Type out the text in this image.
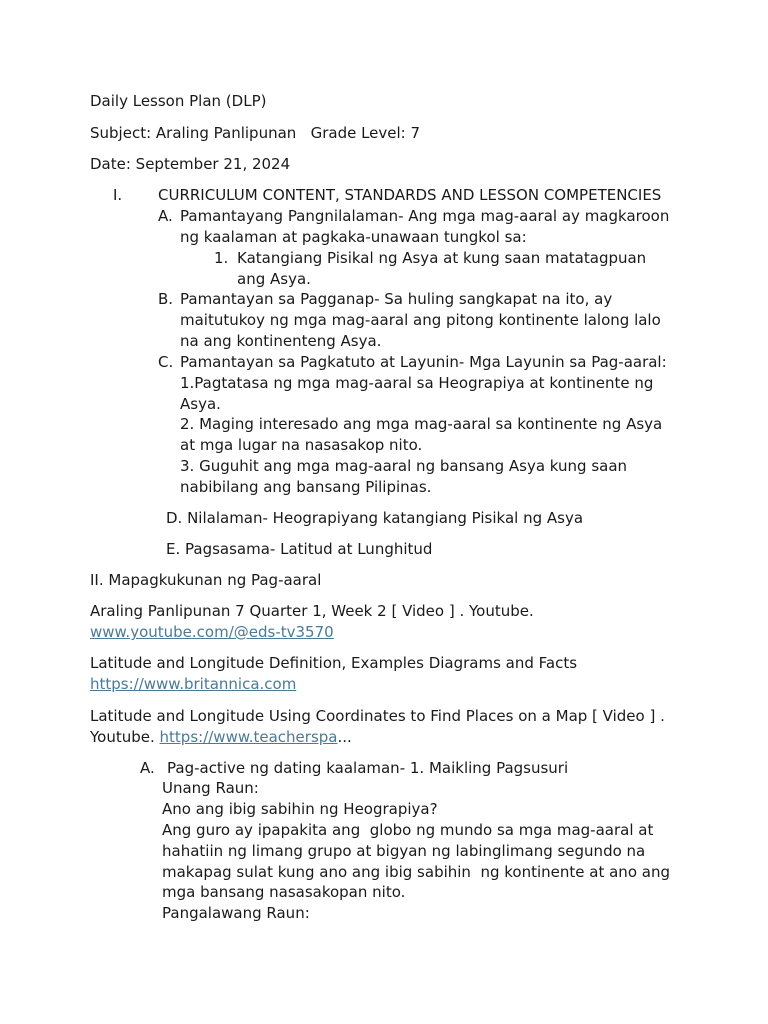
Daily Lesson Plan (DLP)
Subject: Araling Panlipunan   Grade Level: 7
Date: September 21, 2024
I. CURRICULUM CONTENT, STANDARDS AND LESSON COMPETENCIES
A. Pamantayang Pangnilalaman- Ang mga mag-aaral ay magkaroon
ng kaalaman at pagkaka-unawaan tungkol sa:
1. Katangiang Pisikal ng Asya at kung saan matatagpuan
ang Asya.
B. Pamantayan sa Pagganap- Sa huling sangkapat na ito, ay
maitutukoy ng mga mag-aaral ang pitong kontinente lalong lalo
na ang kontinenteng Asya.
C. Pamantayan sa Pagkatuto at Layunin- Mga Layunin sa Pag-aaral:
1.Pagtatasa ng mga mag-aaral sa Heograpiya at kontinente ng
Asya.
2. Maging interesado ang mga mag-aaral sa kontinente ng Asya
at mga lugar na nasasakop nito.
3. Guguhit ang mga mag-aaral ng bansang Asya kung saan
nabibilang ang bansang Pilipinas.
D. Nilalaman- Heograpiyang katangiang Pisikal ng Asya
E. Pagsasama- Latitud at Lunghitud
II. Mapagkukunan ng Pag-aaral
Araling Panlipunan 7 Quarter 1, Week 2 [ Video ] . Youtube.
www.youtube.com/@eds-tv3570
Latitude and Longitude Definition, Examples Diagrams and Facts
https://www.britannica.com
Latitude and Longitude Using Coordinates to Find Places on a Map [ Video ] .
Youtube. https://www.teacherspa...
A. Pag-active ng dating kaalaman- 1. Maikling Pagsusuri
Unang Raun:
Ano ang ibig sabihin ng Heograpiya?
Ang guro ay ipapakita ang  globo ng mundo sa mga mag-aaral at
hahatiin ng limang grupo at bigyan ng labinglimang segundo na
makapag sulat kung ano ang ibig sabihin  ng kontinente at ano ang
mga bansang nasasakopan nito.
Pangalawang Raun:
